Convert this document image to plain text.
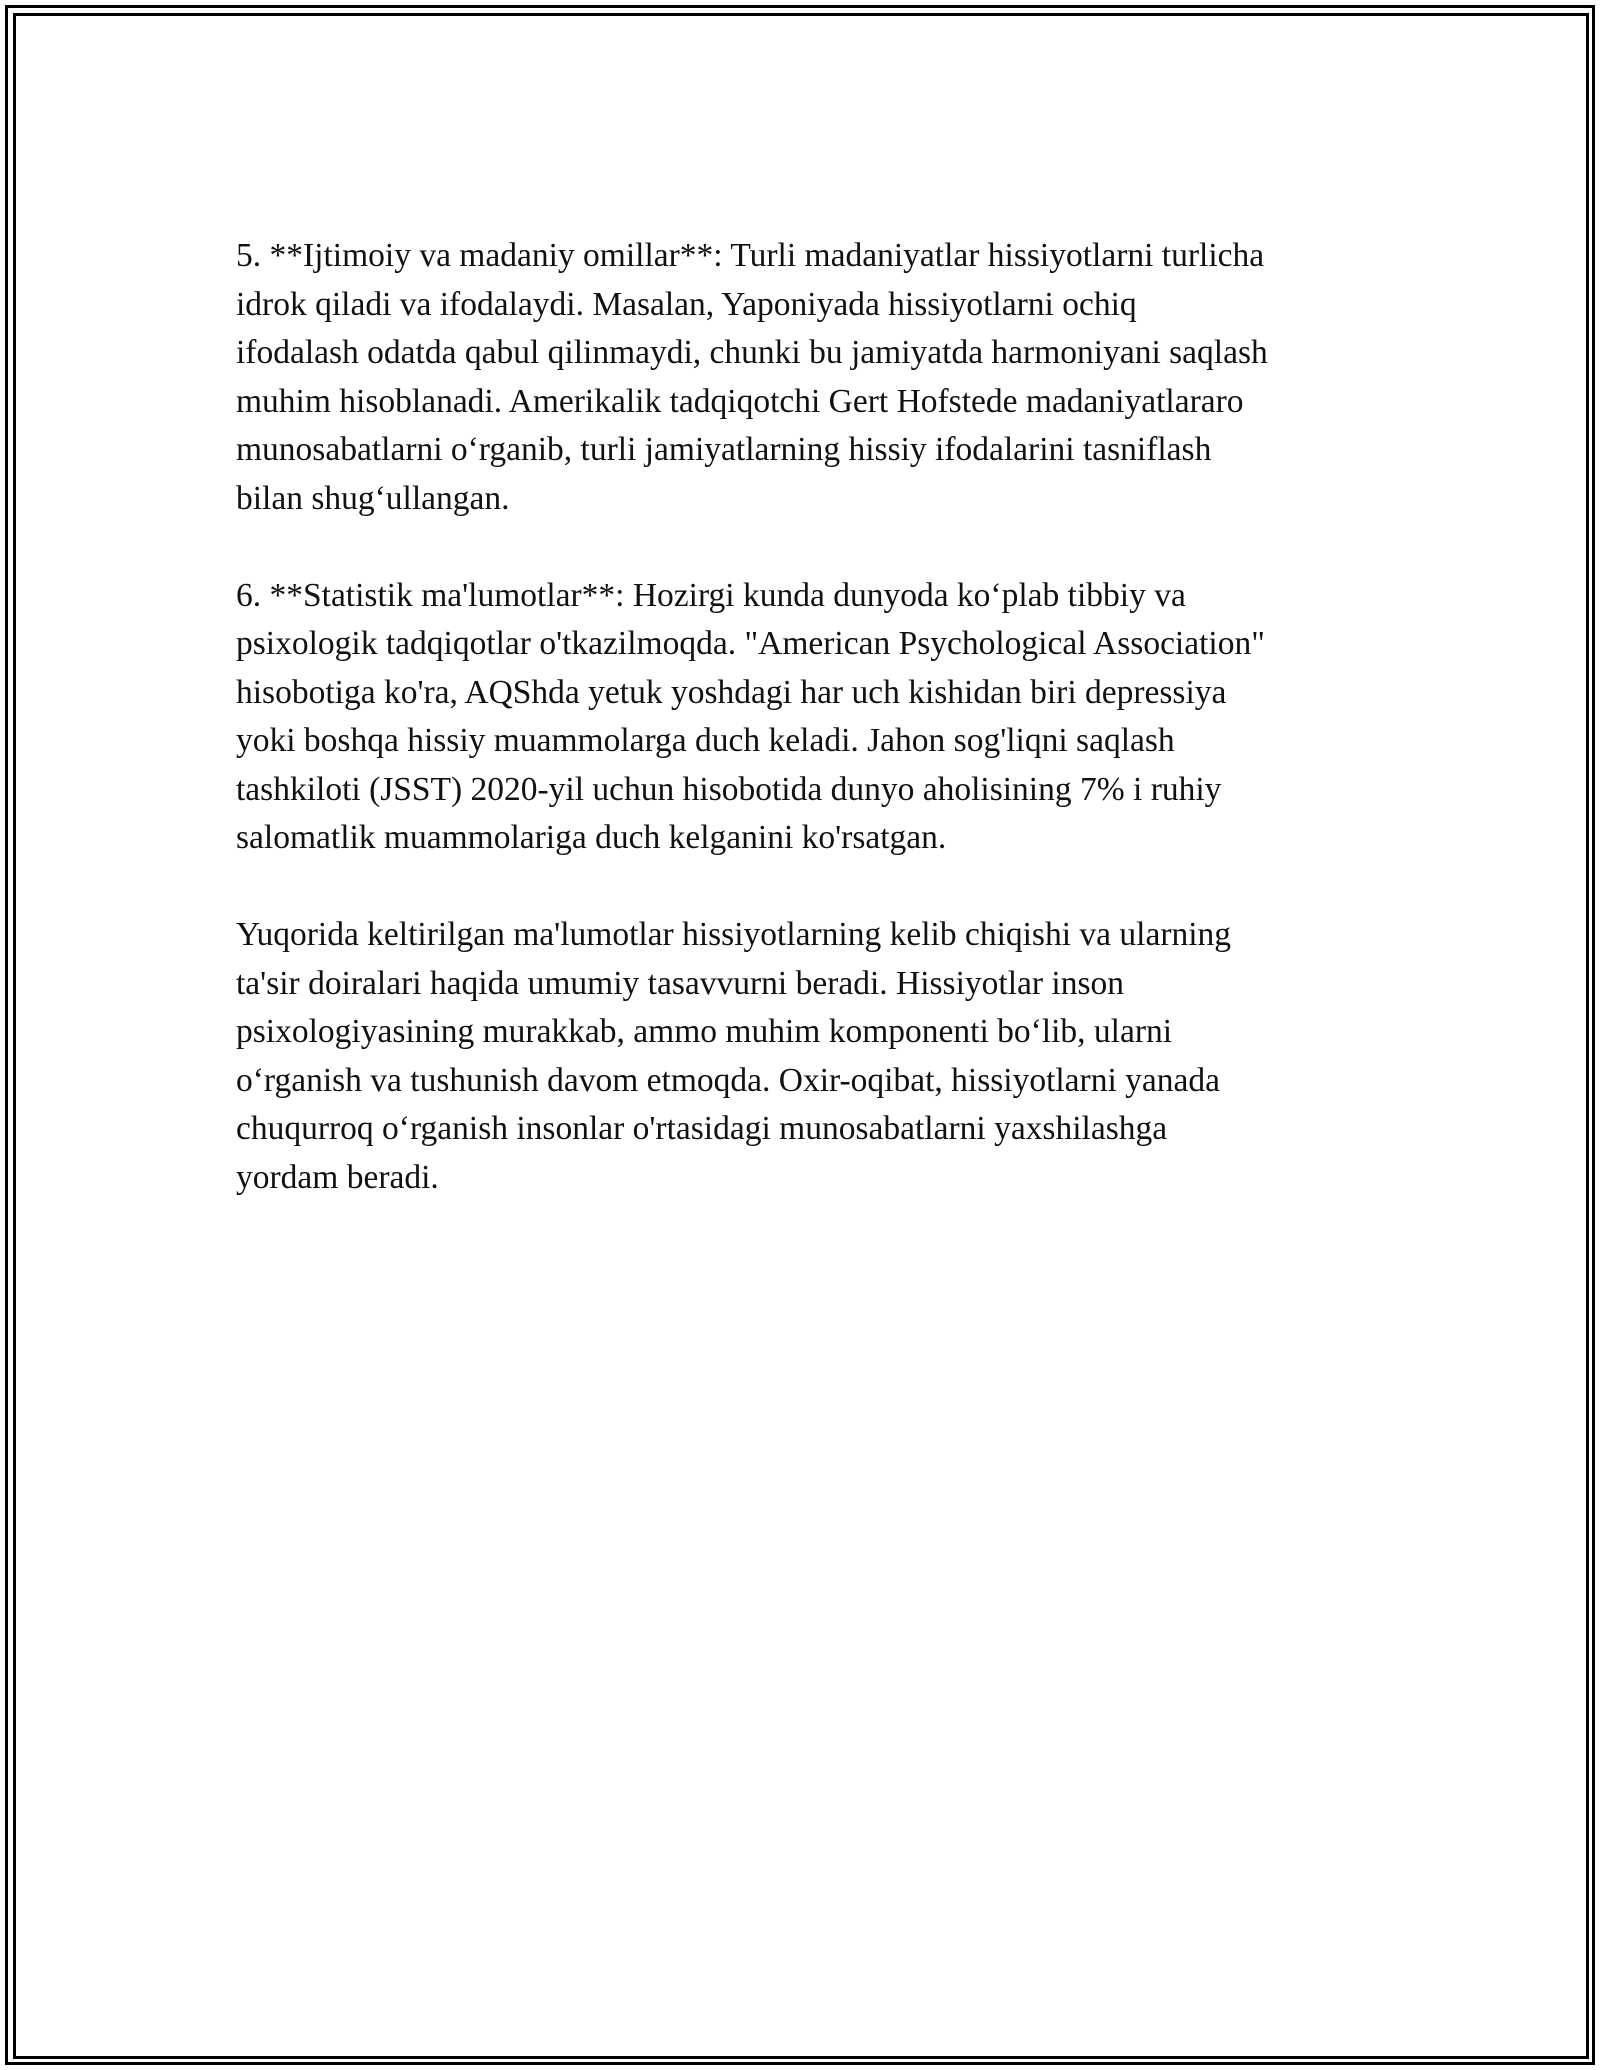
5. **Ijtimoiy va madaniy omillar**: Turli madaniyatlar hissiyotlarni turlicha
idrok qiladi va ifodalaydi. Masalan, Yaponiyada hissiyotlarni ochiq
ifodalash odatda qabul qilinmaydi, chunki bu jamiyatda harmoniyani saqlash
muhim hisoblanadi. Amerikalik tadqiqotchi Gert Hofstede madaniyatlararo
munosabatlarni o‘rganib, turli jamiyatlarning hissiy ifodalarini tasniflash
bilan shug‘ullangan.

6. **Statistik ma'lumotlar**: Hozirgi kunda dunyoda ko‘plab tibbiy va
psixologik tadqiqotlar o'tkazilmoqda. "American Psychological Association"
hisobotiga ko'ra, AQShda yetuk yoshdagi har uch kishidan biri depressiya
yoki boshqa hissiy muammolarga duch keladi. Jahon sog'liqni saqlash
tashkiloti (JSST) 2020-yil uchun hisobotida dunyo aholisining 7% i ruhiy
salomatlik muammolariga duch kelganini ko'rsatgan.

Yuqorida keltirilgan ma'lumotlar hissiyotlarning kelib chiqishi va ularning
ta'sir doiralari haqida umumiy tasavvurni beradi. Hissiyotlar inson
psixologiyasining murakkab, ammo muhim komponenti bo‘lib, ularni
o‘rganish va tushunish davom etmoqda. Oxir-oqibat, hissiyotlarni yanada
chuqurroq o‘rganish insonlar o'rtasidagi munosabatlarni yaxshilashga
yordam beradi.
